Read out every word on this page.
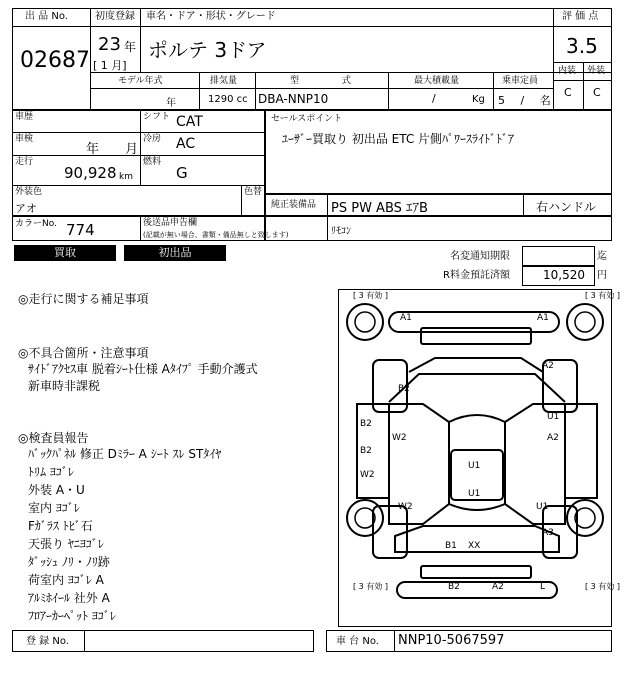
出 品 No.
02687
初度登録 車名・ドア・形状・グレード
23 年
[ 1 月]
ポルテ 3ドア
評 価 点
3.5
内装 外装
C C
モデル年式	排気量	型 式	最大積載量	乗車定員
年	1290 cc DBA-NNP10	/	Kg 5 / 名
車歴	シフト CAT
車検
年 月
冷房 AC
走行
90,928 km
燃料
G
外装色
アオ
色替
カラーNo. 774	後送品申告欄
(記載が無い場合、書類・備品無しと致します)
セールスポイント
ﾕｰｻﾞｰ買取り 初出品 ETC 片側ﾊﾟﾜｰｽﾗｲﾄﾞﾄﾞｱ
純正装備品 PS PW ABS ｴｱB	右ハンドル
ﾘﾓｺﾝ
買取	初出品	名変通知期限	迄
R料金預託済額	10,520 円
◎走行に関する補足事項
◎不具合箇所・注意事項
ｻｲﾄﾞｱｸｾｽ車 脱着ｼｰﾄ仕様 Aﾀｲﾌﾟ 手動介護式
新車時非課税
◎検査員報告
ﾊﾞｯｸﾊﾟﾈﾙ 修正 Dﾐﾗｰ A ｼｰﾄ ｽﾚ STﾀｲﾔ
ﾄﾘﾑ ﾖｺﾞﾚ
外装 A・U
室内 ﾖｺﾞﾚ
Fｶﾞﾗｽ ﾄﾋﾞ石
天張り ﾔﾆﾖｺﾞﾚ
ﾀﾞｯｼｭ ﾉﾘ・ﾉﾘ跡
荷室内 ﾖｺﾞﾚ A
ｱﾙﾐﾎｲｰﾙ 社外 A
ﾌﾛｱｰｶｰﾍﾟｯﾄ ﾖｺﾞﾚ
[ 3 有効 ]	[ 3 有効 ]
[ 3 有効 ]	[ 3 有効 ]
A1	A1
A2
B2
U1
A2
B2
W2
B2
W2
U1
U1
W2	U1
A3
B1 XX
B2	A2	L
登 録 No.	車 台 No. NNP10-5067597
